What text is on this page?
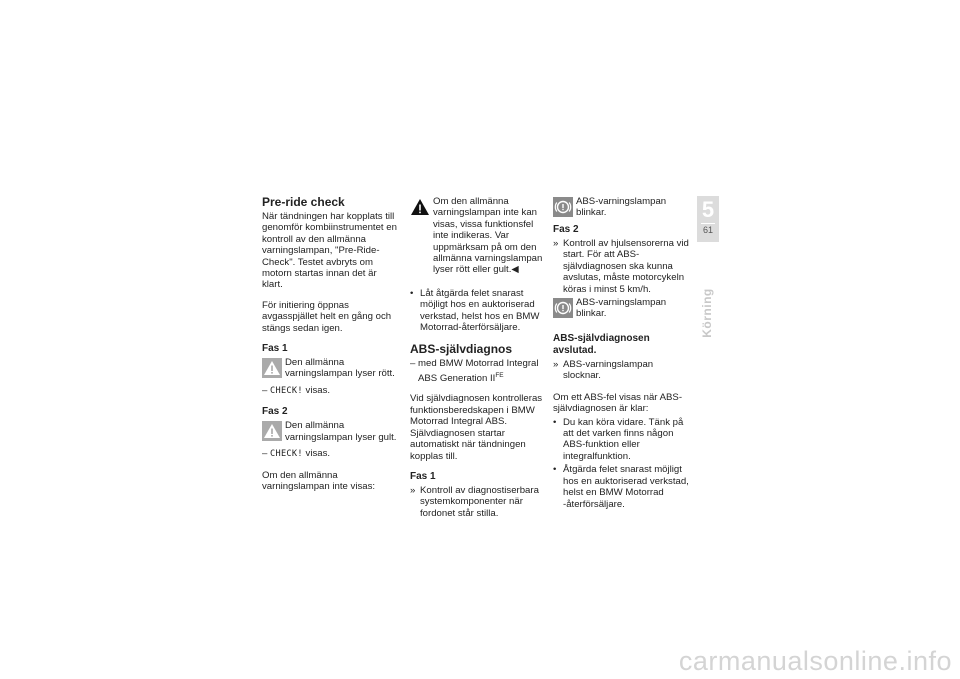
Pre-ride check

När tändningen har kopplats till genomför kombiinstrumentet en kontroll av den allmänna varningslampan, "Pre-Ride-Check". Testet avbryts om motorn startas innan det är klart.

För initiering öppnas avgasspjället helt en gång och stängs sedan igen.

Fas 1
Den allmänna varningslampan lyser rött.
– CHECK! visas.
Fas 2
Den allmänna varningslampan lyser gult.
– CHECK! visas.

Om den allmänna varningslampan inte visas:

Om den allmänna varningslampan inte kan visas, vissa funktionsfel inte indikeras. Var uppmärksam på om den allmänna varningslampan lyser rött eller gult.◀
• Låt åtgärda felet snarast möjligt hos en auktoriserad verkstad, helst hos en BMW Motorrad-återförsäljare.
ABS-självdiagnos
– med BMW Motorrad Integral ABS Generation $II^{FE}$

Vid självdiagnosen kontrolleras funktionsberedskapen i BMW Motorrad Integral ABS. Självdiagnosen startar automatiskt när tändningen kopplas till.

Fas 1
» Kontroll av diagnostiserbara systemkomponenter när fordonet står stilla.
ABS-varningslampan blinkar.
Fas 2
» Kontroll av hjulsensorerna vid start. För att ABS-självdiagnosen ska kunna avslutas, måste motorcykeln köras i minst 5 km/h.
ABS-varningslampan blinkar.
ABS-självdiagnosen avslutad.
» ABS-varningslampan slocknar.

Om ett ABS-fel visas när ABS-självdiagnosen är klar:

• Du kan köra vidare. Tänk på att det varken finns någon ABS-funktion eller integralfunktion.
• Åtgärda felet snarast möjligt hos en auktoriserad verkstad, helst en BMW Motorrad -återförsäljare.
5
61
Körning
carmanualsonline.info
